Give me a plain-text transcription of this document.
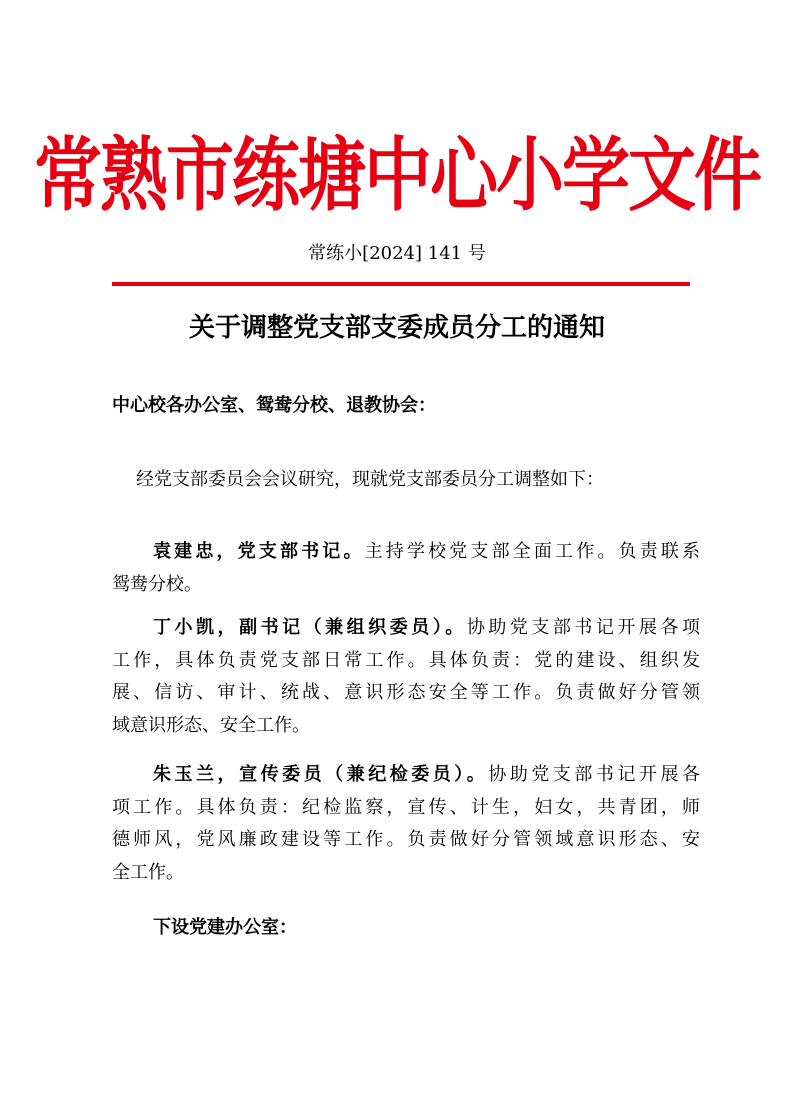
常熟市练塘中心小学文件
常练小[2024] 141 号
关于调整党支部支委成员分工的通知
中心校各办公室、鸳鸯分校、退教协会：
经党支部委员会会议研究，现就党支部委员分工调整如下：
袁建忠，党支部书记。主持学校党支部全面工作。负责联系
鸳鸯分校。
丁小凯，副书记（兼组织委员）。协助党支部书记开展各项
工作，具体负责党支部日常工作。具体负责：党的建设、组织发
展、信访、审计、统战、意识形态安全等工作。负责做好分管领
域意识形态、安全工作。
朱玉兰，宣传委员（兼纪检委员）。协助党支部书记开展各
项工作。具体负责：纪检监察，宣传、计生，妇女，共青团，师
德师风，党风廉政建设等工作。负责做好分管领域意识形态、安
全工作。
下设党建办公室：
